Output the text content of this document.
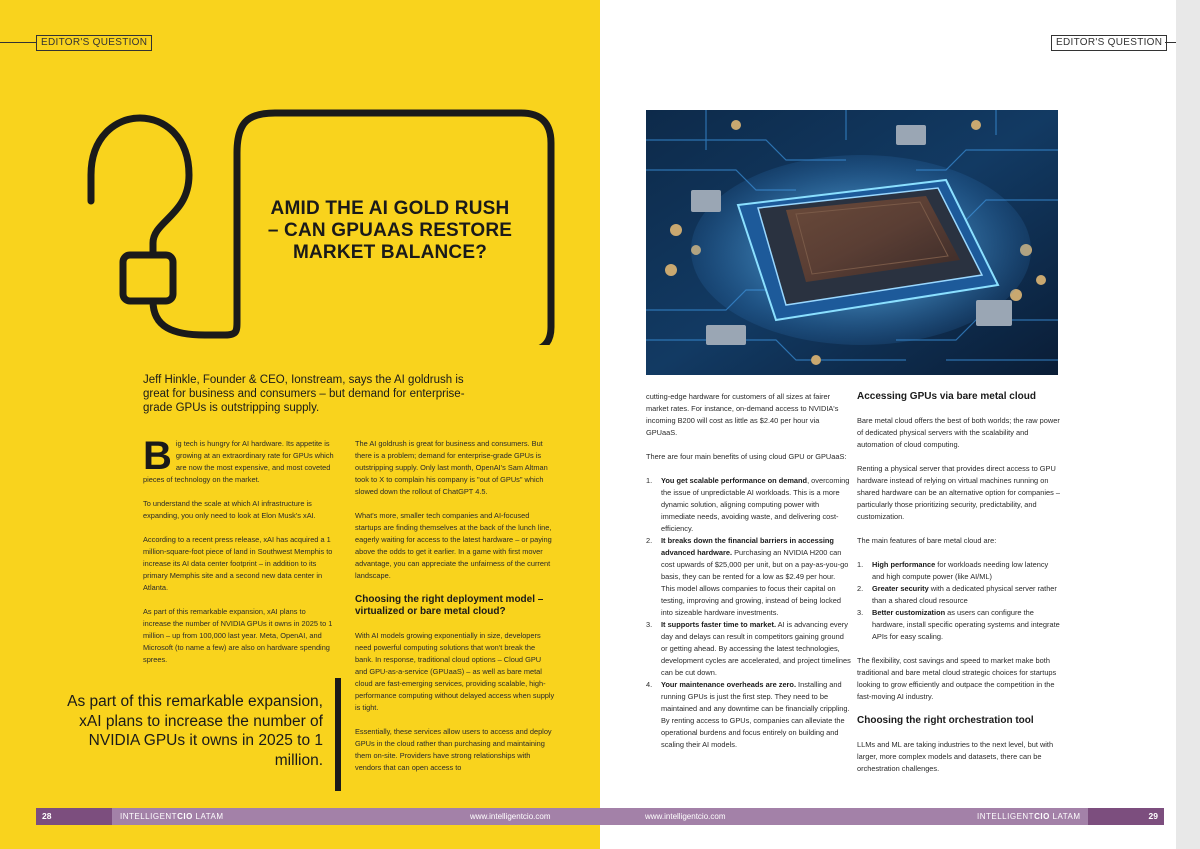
EDITOR'S QUESTION	EDITOR'S QUESTION
AMID THE AI GOLD RUSH
– CAN GPUAAS RESTORE
MARKET BALANCE?
Jeff Hinkle, Founder & CEO, Ionstream, says the AI goldrush is great for business and consumers – but demand for enterprise-grade GPUs is outstripping supply.

Big tech is hungry for AI hardware. Its appetite is growing at an extraordinary rate for GPUs which are now the most expensive, and most coveted pieces of technology on the market.

To understand the scale at which AI infrastructure is expanding, you only need to look at Elon Musk's xAI.

According to a recent press release, xAI has acquired a 1 million-square-foot piece of land in Southwest Memphis to increase its AI data center footprint – in addition to its primary Memphis site and a second new data center in Atlanta.

As part of this remarkable expansion, xAI plans to increase the number of NVIDIA GPUs it owns in 2025 to 1 million – up from 100,000 last year. Meta, OpenAI, and Microsoft (to name a few) are also on hardware spending sprees.

The AI goldrush is great for business and consumers. But there is a problem; demand for enterprise-grade GPUs is outstripping supply. Only last month, OpenAI's Sam Altman took to X to complain his company is "out of GPUs" which slowed down the rollout of ChatGPT 4.5.

What's more, smaller tech companies and AI-focused startups are finding themselves at the back of the lunch line, eagerly waiting for access to the latest hardware – or paying above the odds to get it earlier. In a game with first mover advantage, you can appreciate the unfairness of the current landscape.

Choosing the right deployment model – virtualized or bare metal cloud?

With AI models growing exponentially in size, developers need powerful computing solutions that won't break the bank. In response, traditional cloud options – Cloud GPU and GPU-as-a-service (GPUaaS) – as well as bare metal cloud are fast-emerging services, providing scalable, high-performance computing without delayed access when supply is tight.

Essentially, these services allow users to access and deploy GPUs in the cloud rather than purchasing and maintaining them on-site. Providers have strong relationships with vendors that can open access to

As part of this remarkable expansion, xAI plans to increase the number of NVIDIA GPUs it owns in 2025 to 1 million.

cutting-edge hardware for customers of all sizes at fairer market rates. For instance, on-demand access to NVIDIA's incoming B200 will cost as little as $2.40 per hour via GPUaaS.

There are four main benefits of using cloud GPU or GPUaaS:

1. You get scalable performance on demand, overcoming the issue of unpredictable AI workloads. This is a more dynamic solution, aligning computing power with immediate needs, avoiding waste, and delivering cost-efficiency.
2. It breaks down the financial barriers in accessing advanced hardware. Purchasing an NVIDIA H200 can cost upwards of $25,000 per unit, but on a pay-as-you-go basis, they can be rented for a low as $2.49 per hour. This model allows companies to focus their capital on testing, improving and growing, instead of being locked into sizeable hardware investments.
3. It supports faster time to market. AI is advancing every day and delays can result in competitors gaining ground or getting ahead. By accessing the latest technologies, development cycles are accelerated, and project timelines can be cut down.
4. Your maintenance overheads are zero. Installing and running GPUs is just the first step. They need to be maintained and any downtime can be financially crippling. By renting access to GPUs, companies can alleviate the operational burdens and focus entirely on building and scaling their AI models.
Accessing GPUs via bare metal cloud

Bare metal cloud offers the best of both worlds; the raw power of dedicated physical servers with the scalability and automation of cloud computing.

Renting a physical server that provides direct access to GPU hardware instead of relying on virtual machines running on shared hardware can be an alternative option for companies – particularly those prioritizing security, predictability, and customization.

The main features of bare metal cloud are:

1. High performance for workloads needing low latency and high compute power (like AI/ML)
2. Greater security with a dedicated physical server rather than a shared cloud resource
3. Better customization as users can configure the hardware, install specific operating systems and integrate APIs for easy scaling.

The flexibility, cost savings and speed to market make both traditional and bare metal cloud strategic choices for startups looking to grow efficiently and outpace the competition in the fast-moving AI industry.

Choosing the right orchestration tool

LLMs and ML are taking industries to the next level, but with larger, more complex models and datasets, there can be orchestration challenges.

28	INTELLIGENTCIO LATAM	www.intelligentcio.com	www.intelligentcio.com	INTELLIGENTCIO LATAM	29
